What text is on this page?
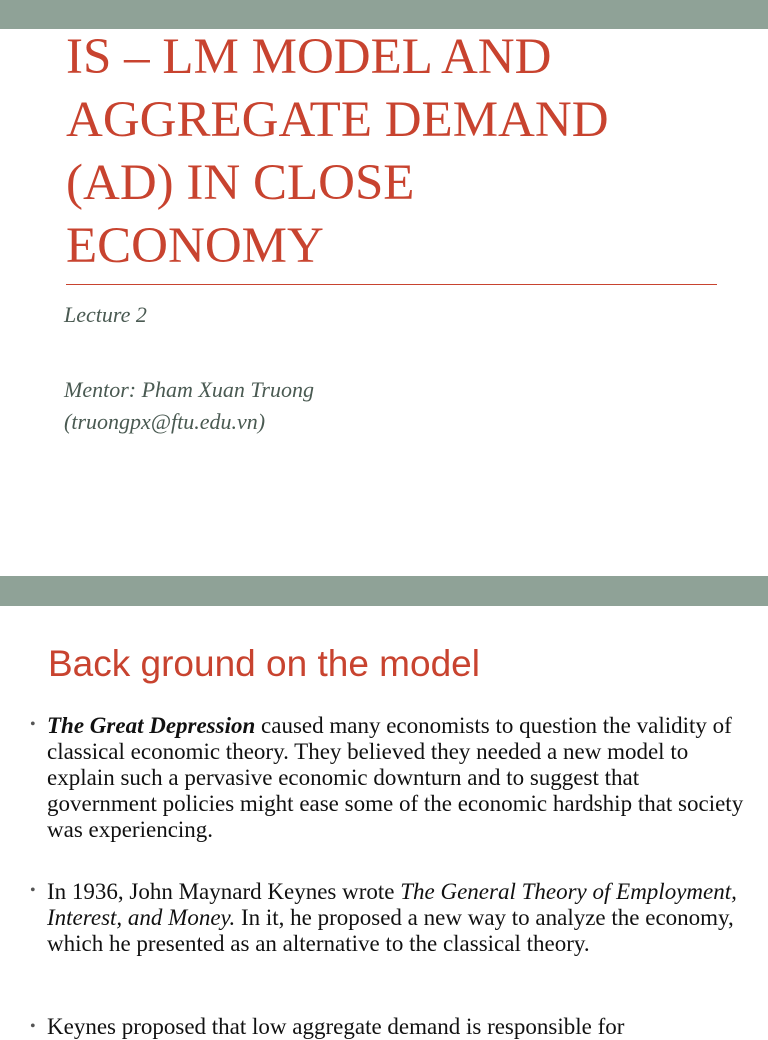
IS – LM MODEL AND
AGGREGATE DEMAND
(AD) IN CLOSE
ECONOMY

Lecture 2

Mentor: Pham Xuan Truong

(truongpx@ftu.edu.vn)

Back ground on the model
• The Great Depression caused many economists to question the validity of classical economic theory. They believed they needed a new model to explain such a pervasive economic downturn and to suggest that government policies might ease some of the economic hardship that society was experiencing.

• In 1936, John Maynard Keynes wrote The General Theory of Employment, Interest, and Money. In it, he proposed a new way to analyze the economy, which he presented as an alternative to the classical theory.

• Keynes proposed that low aggregate demand is responsible for
